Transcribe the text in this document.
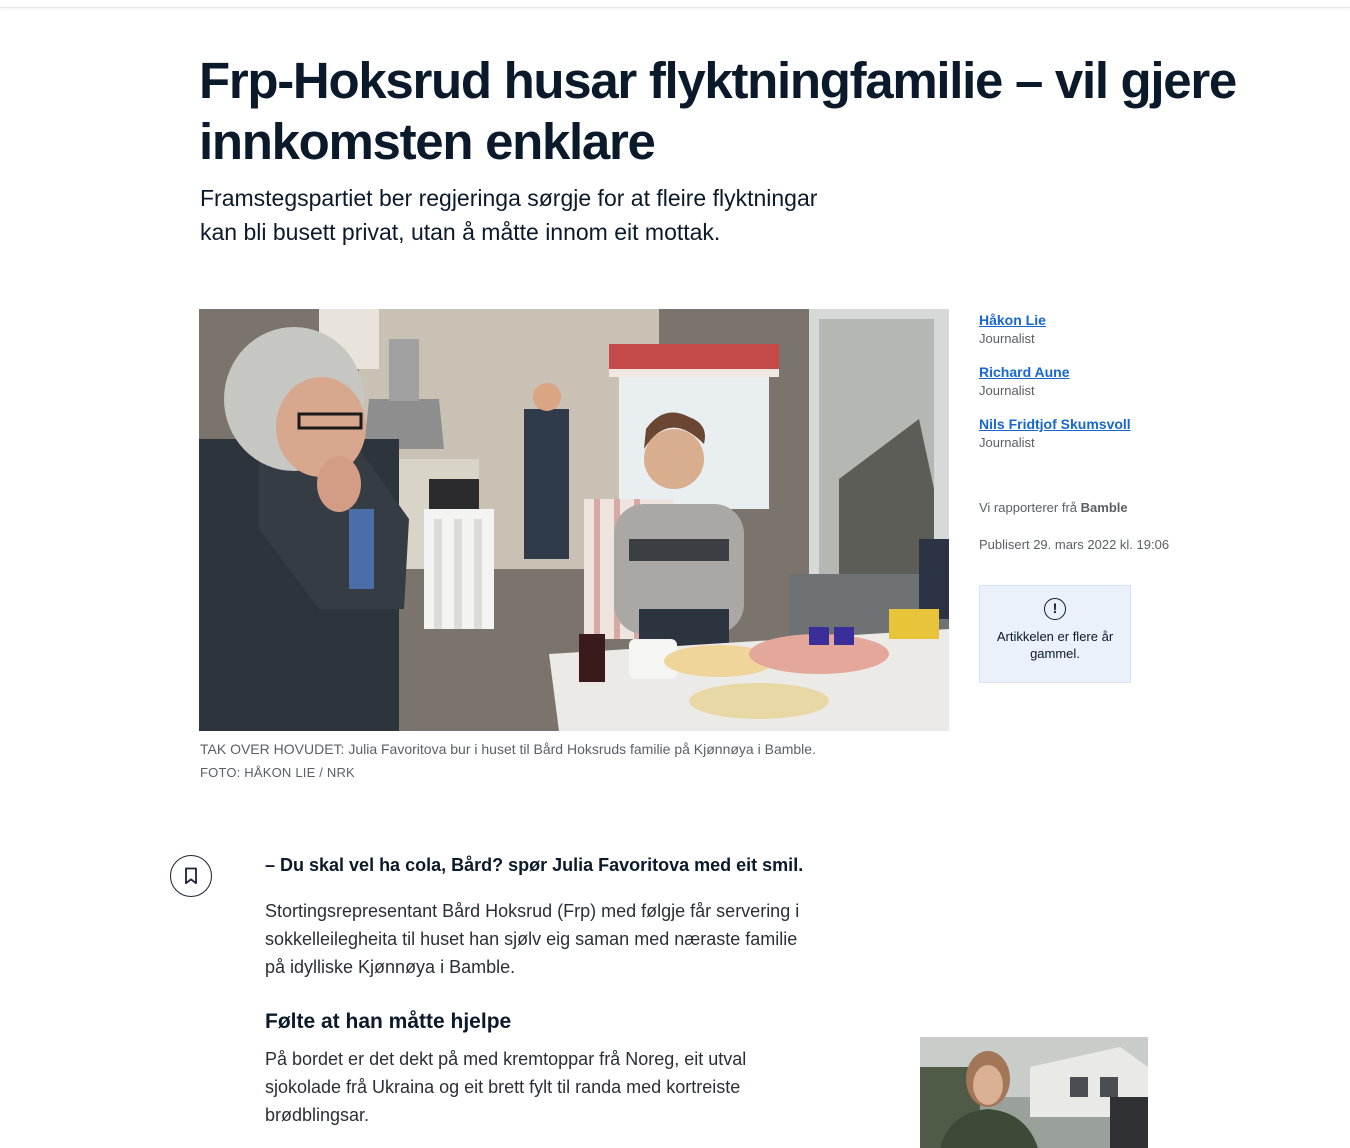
Frp-Hoksrud husar flyktningfamilie – vil gjere innkomsten enklare

Framstegspartiet ber regjeringa sørgje for at fleire flyktningar kan bli busett privat, utan å måtte innom eit mottak.

TAK OVER HOVUDET: Julia Favoritova bur i huset til Bård Hoksruds familie på Kjønnøya i Bamble.

FOTO: HÅKON LIE / NRK

Håkon Lie
Journalist
Richard Aune
Journalist
Nils Fridtjof Skumsvoll
Journalist
Vi rapporterer frå Bamble
Publisert 29. mars 2022 kl. 19:06
!
Artikkelen er flere år gammel.

– Du skal vel ha cola, Bård? spør Julia Favoritova med eit smil.

Stortingsrepresentant Bård Hoksrud (Frp) med følgje får servering i sokkelleilegheita til huset han sjølv eig saman med næraste familie på idylliske Kjønnøya i Bamble.

Følte at han måtte hjelpe

På bordet er det dekt på med kremtoppar frå Noreg, eit utval sjokolade frå Ukraina og eit brett fylt til randa med kortreiste brødblingsar.
